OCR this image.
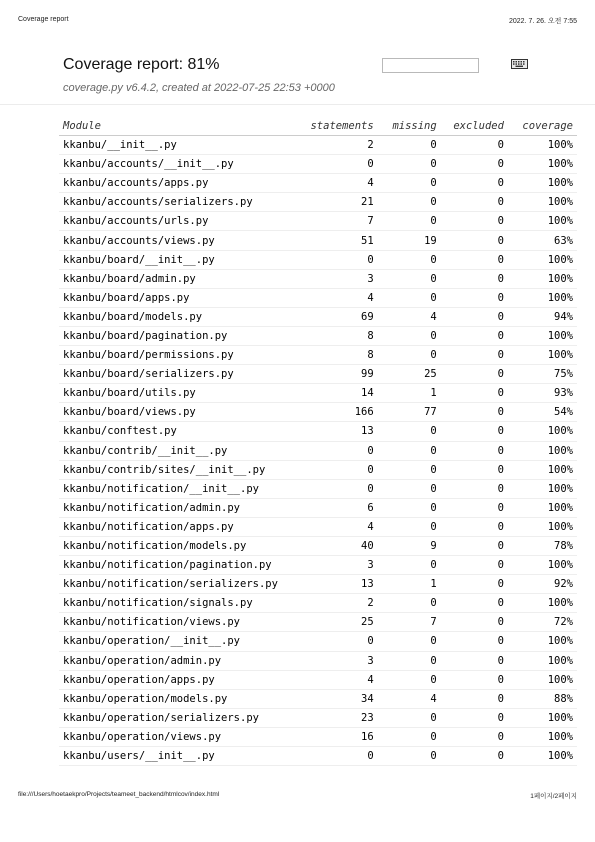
Coverage report	2022. 7. 26. 오전 7:55
Coverage report: 81%
coverage.py v6.4.2, created at 2022-07-25 22:53 +0000
Module	statements	missing	excluded	coverage
kkanbu/__init__.py	2	0	0	100%
kkanbu/accounts/__init__.py	0	0	0	100%
kkanbu/accounts/apps.py	4	0	0	100%
kkanbu/accounts/serializers.py	21	0	0	100%
kkanbu/accounts/urls.py	7	0	0	100%
kkanbu/accounts/views.py	51	19	0	63%
kkanbu/board/__init__.py	0	0	0	100%
kkanbu/board/admin.py	3	0	0	100%
kkanbu/board/apps.py	4	0	0	100%
kkanbu/board/models.py	69	4	0	94%
kkanbu/board/pagination.py	8	0	0	100%
kkanbu/board/permissions.py	8	0	0	100%
kkanbu/board/serializers.py	99	25	0	75%
kkanbu/board/utils.py	14	1	0	93%
kkanbu/board/views.py	166	77	0	54%
kkanbu/conftest.py	13	0	0	100%
kkanbu/contrib/__init__.py	0	0	0	100%
kkanbu/contrib/sites/__init__.py	0	0	0	100%
kkanbu/notification/__init__.py	0	0	0	100%
kkanbu/notification/admin.py	6	0	0	100%
kkanbu/notification/apps.py	4	0	0	100%
kkanbu/notification/models.py	40	9	0	78%
kkanbu/notification/pagination.py	3	0	0	100%
kkanbu/notification/serializers.py	13	1	0	92%
kkanbu/notification/signals.py	2	0	0	100%
kkanbu/notification/views.py	25	7	0	72%
kkanbu/operation/__init__.py	0	0	0	100%
kkanbu/operation/admin.py	3	0	0	100%
kkanbu/operation/apps.py	4	0	0	100%
kkanbu/operation/models.py	34	4	0	88%
kkanbu/operation/serializers.py	23	0	0	100%
kkanbu/operation/views.py	16	0	0	100%
kkanbu/users/__init__.py	0	0	0	100%
file:///Users/hoetaekpro/Projects/teameet_backend/htmlcov/index.html	1페이지/2페이지
